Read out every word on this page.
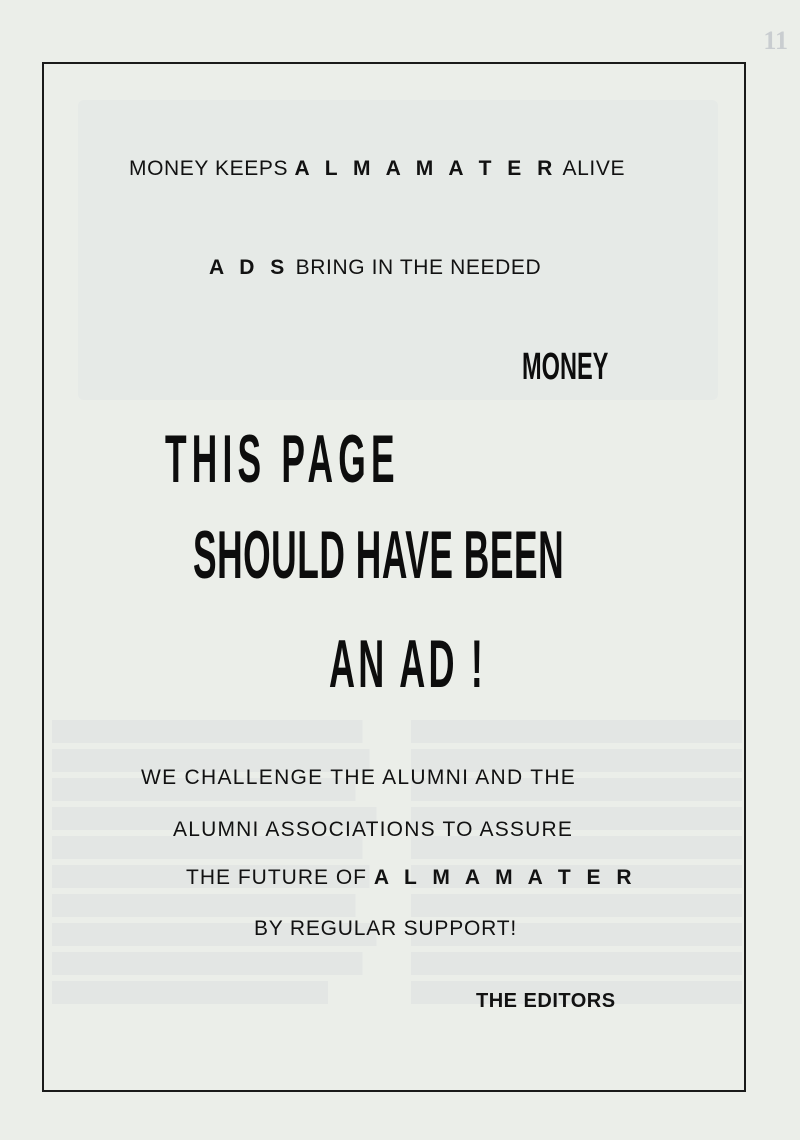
11
MONEY KEEPS A L M A M A T E R ALIVE
A D S BRING IN THE NEEDED
MONEY
THIS PAGE
SHOULD HAVE BEEN
AN AD !
WE CHALLENGE THE ALUMNI AND THE
ALUMNI ASSOCIATIONS TO ASSURE
THE FUTURE OF A L M A M A T E R
BY REGULAR SUPPORT!
THE EDITORS
